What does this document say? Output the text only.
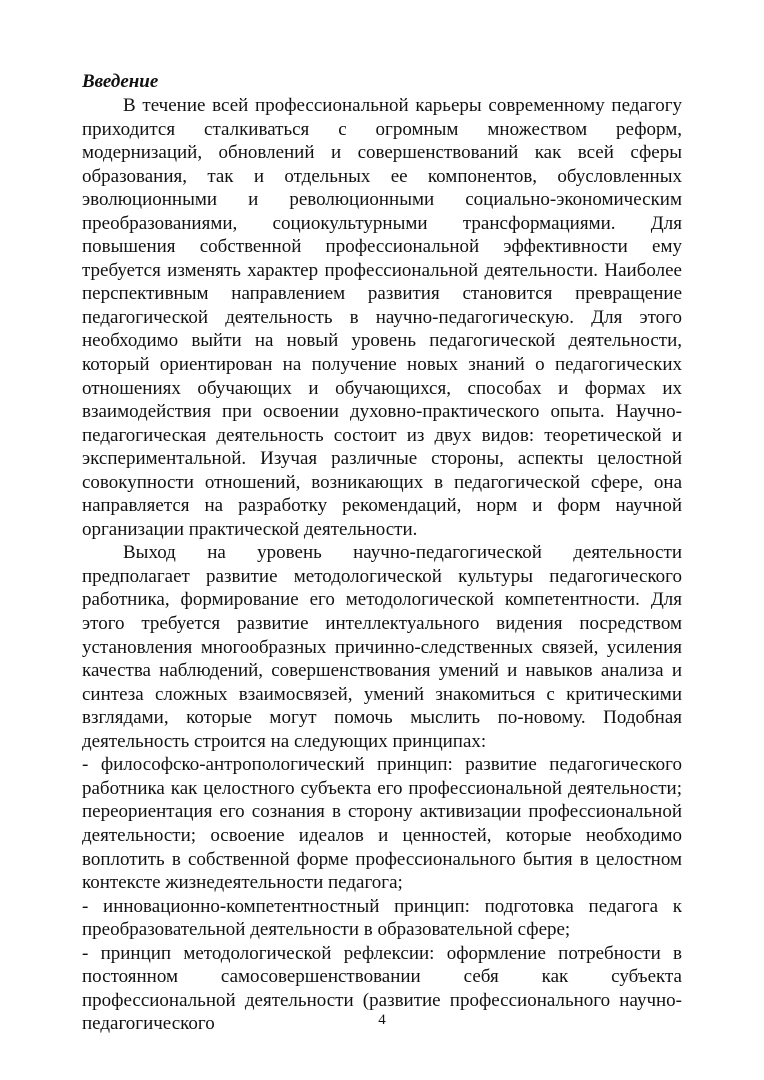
Введение

В течение всей профессиональной карьеры современному педагогу приходится сталкиваться с огромным множеством реформ, модернизаций, обновлений и совершенствований как всей сферы образования, так и отдельных ее компонентов, обусловленных эволюционными и революционными социально-экономическим преобразованиями, социокультурными трансформациями. Для повышения собственной профессиональной эффективности ему требуется изменять характер профессиональной деятельности. Наиболее перспективным направлением развития становится превращение педагогической деятельность в научно-педагогическую. Для этого необходимо выйти на новый уровень педагогической деятельности, который ориентирован на получение новых знаний о педагогических отношениях обучающих и обучающихся, способах и формах их взаимодействия при освоении духовно-практического опыта. Научно-педагогическая деятельность состоит из двух видов: теоретической и экспериментальной. Изучая различные стороны, аспекты целостной совокупности отношений, возникающих в педагогической сфере, она направляется на разработку рекомендаций, норм и форм научной организации практической деятельности.

Выход на уровень научно-педагогической деятельности предполагает развитие методологической культуры педагогического работника, формирование его методологической компетентности. Для этого требуется развитие интеллектуального видения посредством установления многообразных причинно-следственных связей, усиления качества наблюдений, совершенствования умений и навыков анализа и синтеза сложных взаимосвязей, умений знакомиться с критическими взглядами, которые могут помочь мыслить по-новому. Подобная деятельность строится на следующих принципах:

- философско-антропологический принцип: развитие педагогического работника как целостного субъекта его профессиональной деятельности; переориентация его сознания в сторону активизации профессиональной деятельности; освоение идеалов и ценностей, которые необходимо воплотить в собственной форме профессионального бытия в целостном контексте жизнедеятельности педагога;

- инновационно-компетентностный принцип: подготовка педагога к преобразовательной деятельности в образовательной сфере;

- принцип методологической рефлексии: оформление потребности в постоянном самосовершенствовании себя как субъекта профессиональной деятельности (развитие профессионального научно-педагогического	4
